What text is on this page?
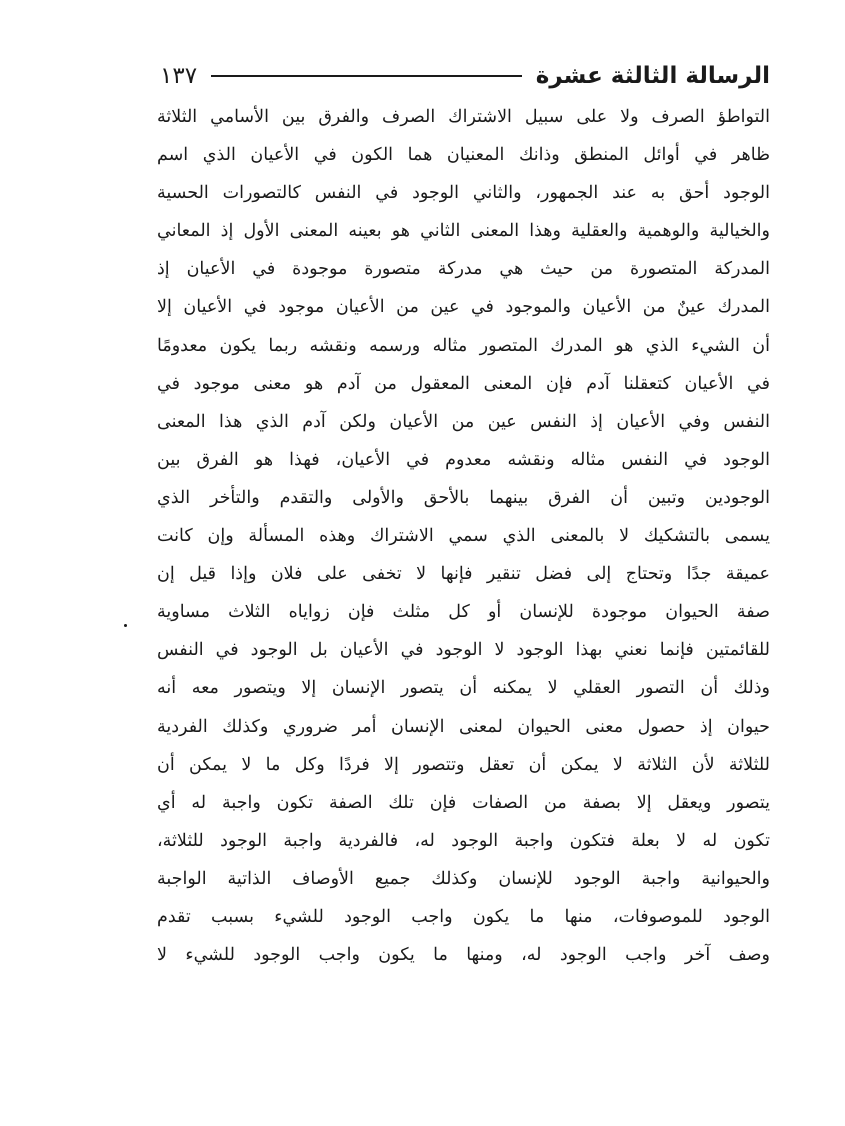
الرسالة الثالثة عشرة
١٣٧
التواطؤ الصرف ولا على سبيل الاشتراك الصرف والفرق بين الأسامي الثلاثة
ظاهر في أوائل المنطق وذانك المعنيان هما الكون في الأعيان الذي اسم
الوجود أحق به عند الجمهور، والثاني الوجود في النفس كالتصورات الحسية
والخيالية والوهمية والعقلية وهذا المعنى الثاني هو بعينه المعنى الأول إذ المعاني
المدركة المتصورة من حيث هي مدركة متصورة موجودة في الأعيان إذ
المدرك عينٌ من الأعيان والموجود في عين من الأعيان موجود في الأعيان إلا
أن الشيء الذي هو المدرك المتصور مثاله ورسمه ونقشه ربما يكون معدومًا
في الأعيان كتعقلنا آدم فإن المعنى المعقول من آدم هو معنى موجود في
النفس وفي الأعيان إذ النفس عين من الأعيان ولكن آدم الذي هذا المعنى
الوجود في النفس مثاله ونقشه معدوم في الأعيان، فهذا هو الفرق بين
الوجودين وتبين أن الفرق بينهما بالأحق والأولى والتقدم والتأخر الذي
يسمى بالتشكيك لا بالمعنى الذي سمي الاشتراك وهذه المسألة وإن كانت
عميقة جدًا وتحتاج إلى فضل تنقير فإنها لا تخفى على فلان وإذا قيل إن
صفة الحيوان موجودة للإنسان أو كل مثلث فإن زواياه الثلاث مساوية
للقائمتين فإنما نعني بهذا الوجود لا الوجود في الأعيان بل الوجود في النفس
وذلك أن التصور العقلي لا يمكنه أن يتصور الإنسان إلا ويتصور معه أنه
حيوان إذ حصول معنى الحيوان لمعنى الإنسان أمر ضروري وكذلك الفردية
للثلاثة لأن الثلاثة لا يمكن أن تعقل وتتصور إلا فردًا وكل ما لا يمكن أن
يتصور ويعقل إلا بصفة من الصفات فإن تلك الصفة تكون واجبة له أي
تكون له لا بعلة فتكون واجبة الوجود له، فالفردية واجبة الوجود للثلاثة،
والحيوانية واجبة الوجود للإنسان وكذلك جميع الأوصاف الذاتية الواجبة
الوجود للموصوفات، منها ما يكون واجب الوجود للشيء بسبب تقدم
وصف آخر واجب الوجود له، ومنها ما يكون واجب الوجود للشيء لا
